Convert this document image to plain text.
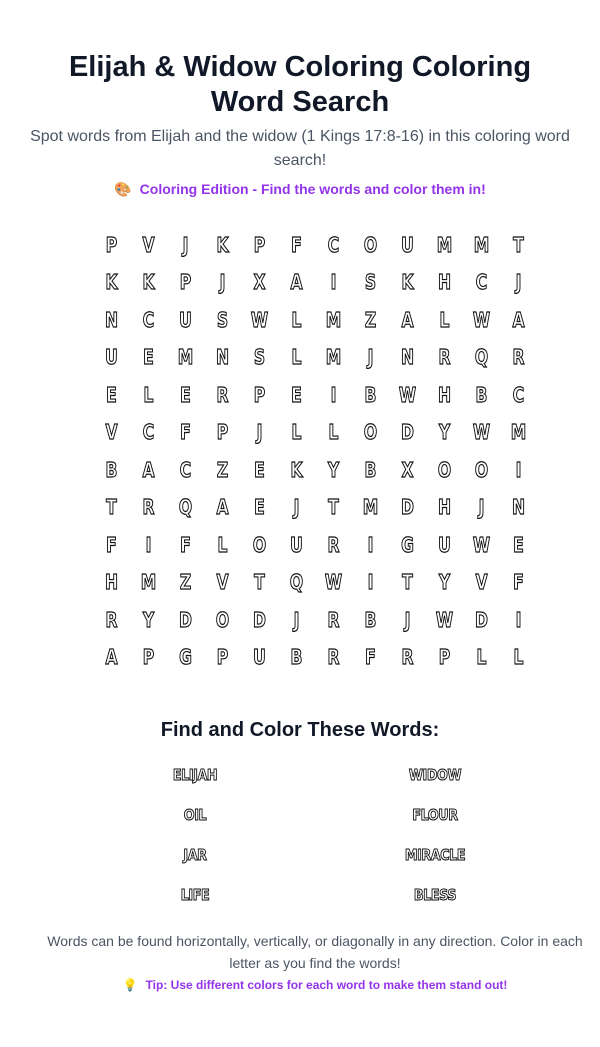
Elijah & Widow Coloring Coloring Word Search

Spot words from Elijah and the widow (1 Kings 17:8-16) in this coloring word search!

🎨 Coloring Edition - Find the words and color them in!
P	V	J	K	P	F	C	O	U	M	M	T
K	K	P	J	X	A	I	S	K	H	C	J
N	C	U	S	W	L	M	Z	A	L	W	A
U	E	M	N	S	L	M	J	N	R	Q	R
E	L	E	R	P	E	I	B	W	H	B	C
V	C	F	P	J	L	L	O	D	Y	W	M
B	A	C	Z	E	K	Y	B	X	O	O	I
T	R	Q	A	E	J	T	M	D	H	J	N
F	I	F	L	O	U	R	I	G	U	W	E
H	M	Z	V	T	Q	W	I	T	Y	V	F
R	Y	D	O	D	J	R	B	J	W	D	I
A	P	G	P	U	B	R	F	R	P	L	L
Find and Color These Words:
ELIJAH	WIDOW
OIL	FLOUR
JAR	MIRACLE
LIFE	BLESS

Words can be found horizontally, vertically, or diagonally in any direction. Color in each letter as you find the words!

💡 Tip: Use different colors for each word to make them stand out!
